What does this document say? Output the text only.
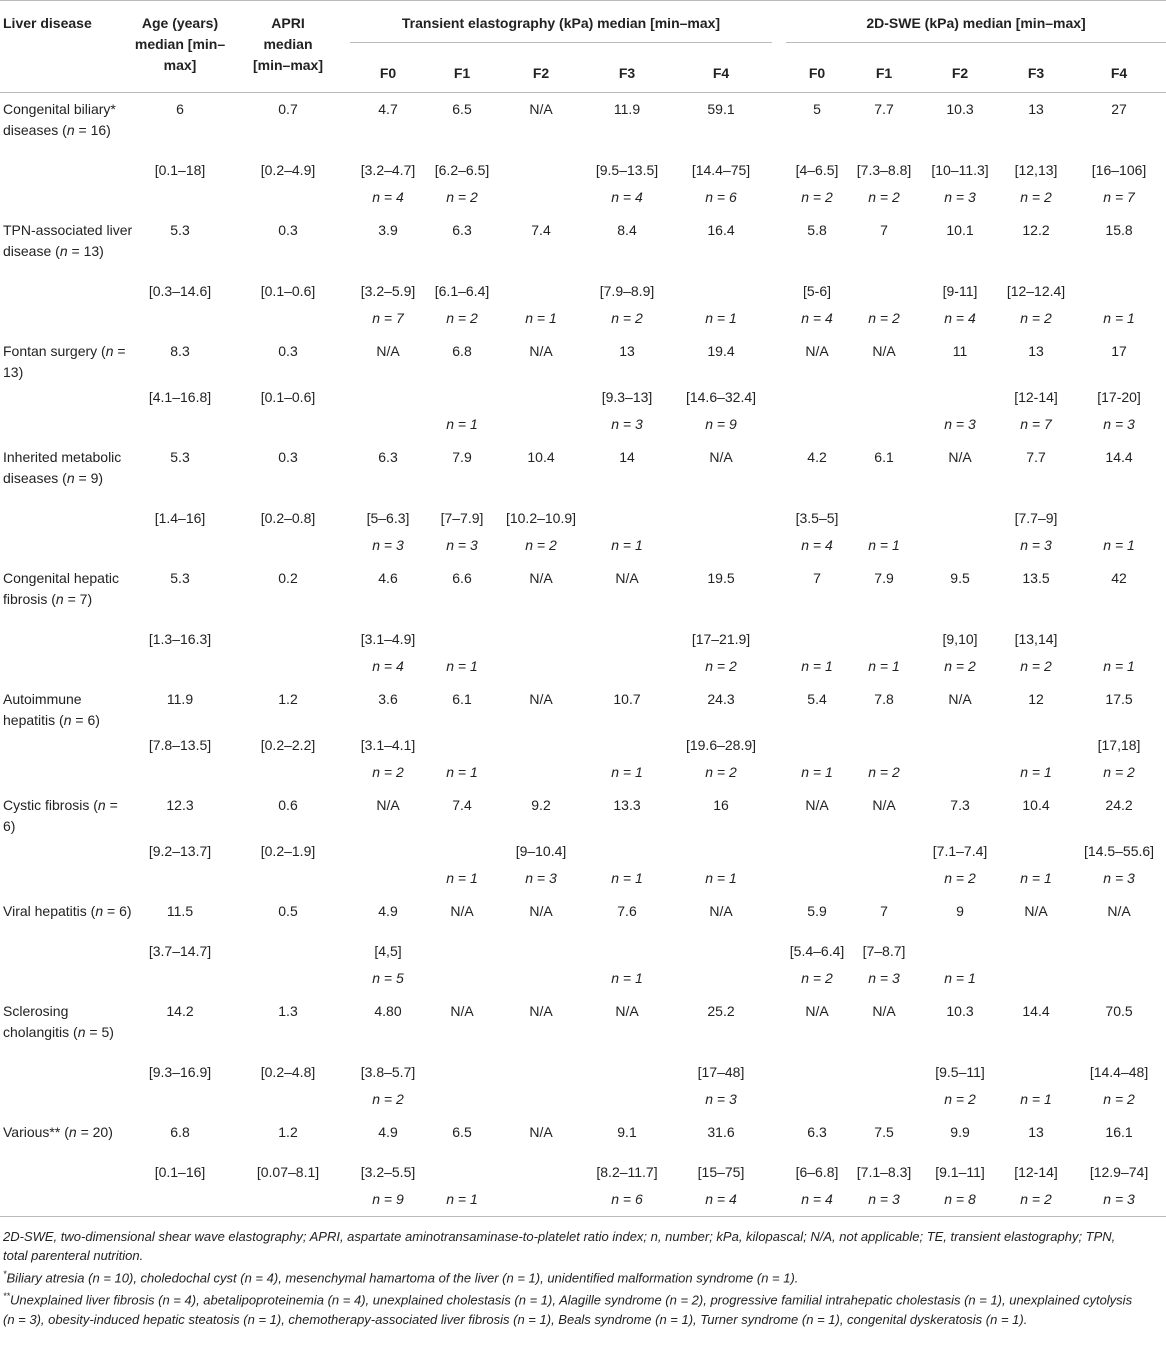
Liver disease	Age (years) median [min–max]	APRI median [min–max]	Transient elastography (kPa) median [min–max]					2D-SWE (kPa) median [min–max]				

			F0	F1	F2	F3	F4	F0	F1	F2	F3	F4
Congenital biliary* diseases (n = 16)	6	0.7	4.7	6.5	N/A	11.9	59.1	5	7.7	10.3	13	27
	[0.1–18]	[0.2–4.9]	[3.2–4.7]	[6.2–6.5]		[9.5–13.5]	[14.4–75]	[4–6.5]	[7.3–8.8]	[10–11.3]	[12,13]	[16–106]
			n = 4	n = 2		n = 4	n = 6	n = 2	n = 2	n = 3	n = 2	n = 7
TPN-associated liver disease (n = 13)	5.3	0.3	3.9	6.3	7.4	8.4	16.4	5.8	7	10.1	12.2	15.8
	[0.3–14.6]	[0.1–0.6]	[3.2–5.9]	[6.1–6.4]		[7.9–8.9]		[5-6]		[9-11]	[12–12.4]	
			n = 7	n = 2	n = 1	n = 2	n = 1	n = 4	n = 2	n = 4	n = 2	n = 1
Fontan surgery (n = 13)	8.3	0.3	N/A	6.8	N/A	13	19.4	N/A	N/A	11	13	17
	[4.1–16.8]	[0.1–0.6]				[9.3–13]	[14.6–32.4]				[12-14]	[17-20]
				n = 1		n = 3	n = 9			n = 3	n = 7	n = 3
Inherited metabolic diseases (n = 9)	5.3	0.3	6.3	7.9	10.4	14	N/A	4.2	6.1	N/A	7.7	14.4
	[1.4–16]	[0.2–0.8]	[5–6.3]	[7–7.9]	[10.2–10.9]			[3.5–5]			[7.7–9]	
			n = 3	n = 3	n = 2	n = 1		n = 4	n = 1		n = 3	n = 1
Congenital hepatic fibrosis (n = 7)	5.3	0.2	4.6	6.6	N/A	N/A	19.5	7	7.9	9.5	13.5	42
	[1.3–16.3]		[3.1–4.9]				[17–21.9]			[9,10]	[13,14]	
			n = 4	n = 1			n = 2	n = 1	n = 1	n = 2	n = 2	n = 1
Autoimmune hepatitis (n = 6)	11.9	1.2	3.6	6.1	N/A	10.7	24.3	5.4	7.8	N/A	12	17.5
	[7.8–13.5]	[0.2–2.2]	[3.1–4.1]				[19.6–28.9]					[17,18]
			n = 2	n = 1		n = 1	n = 2	n = 1	n = 2		n = 1	n = 2
Cystic fibrosis (n = 6)	12.3	0.6	N/A	7.4	9.2	13.3	16	N/A	N/A	7.3	10.4	24.2
	[9.2–13.7]	[0.2–1.9]			[9–10.4]					[7.1–7.4]		[14.5–55.6]
				n = 1	n = 3	n = 1	n = 1			n = 2	n = 1	n = 3
Viral hepatitis (n = 6)	11.5	0.5	4.9	N/A	N/A	7.6	N/A	5.9	7	9	N/A	N/A
	[3.7–14.7]		[4,5]					[5.4–6.4]	[7–8.7]			
			n = 5			n = 1		n = 2	n = 3	n = 1		
Sclerosing cholangitis (n = 5)	14.2	1.3	4.80	N/A	N/A	N/A	25.2	N/A	N/A	10.3	14.4	70.5
	[9.3–16.9]	[0.2–4.8]	[3.8–5.7]				[17–48]			[9.5–11]		[14.4–48]
			n = 2				n = 3			n = 2	n = 1	n = 2
Various** (n = 20)	6.8	1.2	4.9	6.5	N/A	9.1	31.6	6.3	7.5	9.9	13	16.1
	[0.1–16]	[0.07–8.1]	[3.2–5.5]			[8.2–11.7]	[15–75]	[6–6.8]	[7.1–8.3]	[9.1–11]	[12-14]	[12.9–74]
			n = 9	n = 1		n = 6	n = 4	n = 4	n = 3	n = 8	n = 2	n = 3

2D-SWE, two-dimensional shear wave elastography; APRI, aspartate aminotransaminase-to-platelet ratio index; n, number; kPa, kilopascal; N/A, not applicable; TE, transient elastography; TPN, total parenteral nutrition.

*Biliary atresia (n = 10), choledochal cyst (n = 4), mesenchymal hamartoma of the liver (n = 1), unidentified malformation syndrome (n = 1).

**Unexplained liver fibrosis (n = 4), abetalipoproteinemia (n = 4), unexplained cholestasis (n = 1), Alagille syndrome (n = 2), progressive familial intrahepatic cholestasis (n = 1), unexplained cytolysis (n = 3), obesity-induced hepatic steatosis (n = 1), chemotherapy-associated liver fibrosis (n = 1), Beals syndrome (n = 1), Turner syndrome (n = 1), congenital dyskeratosis (n = 1).
